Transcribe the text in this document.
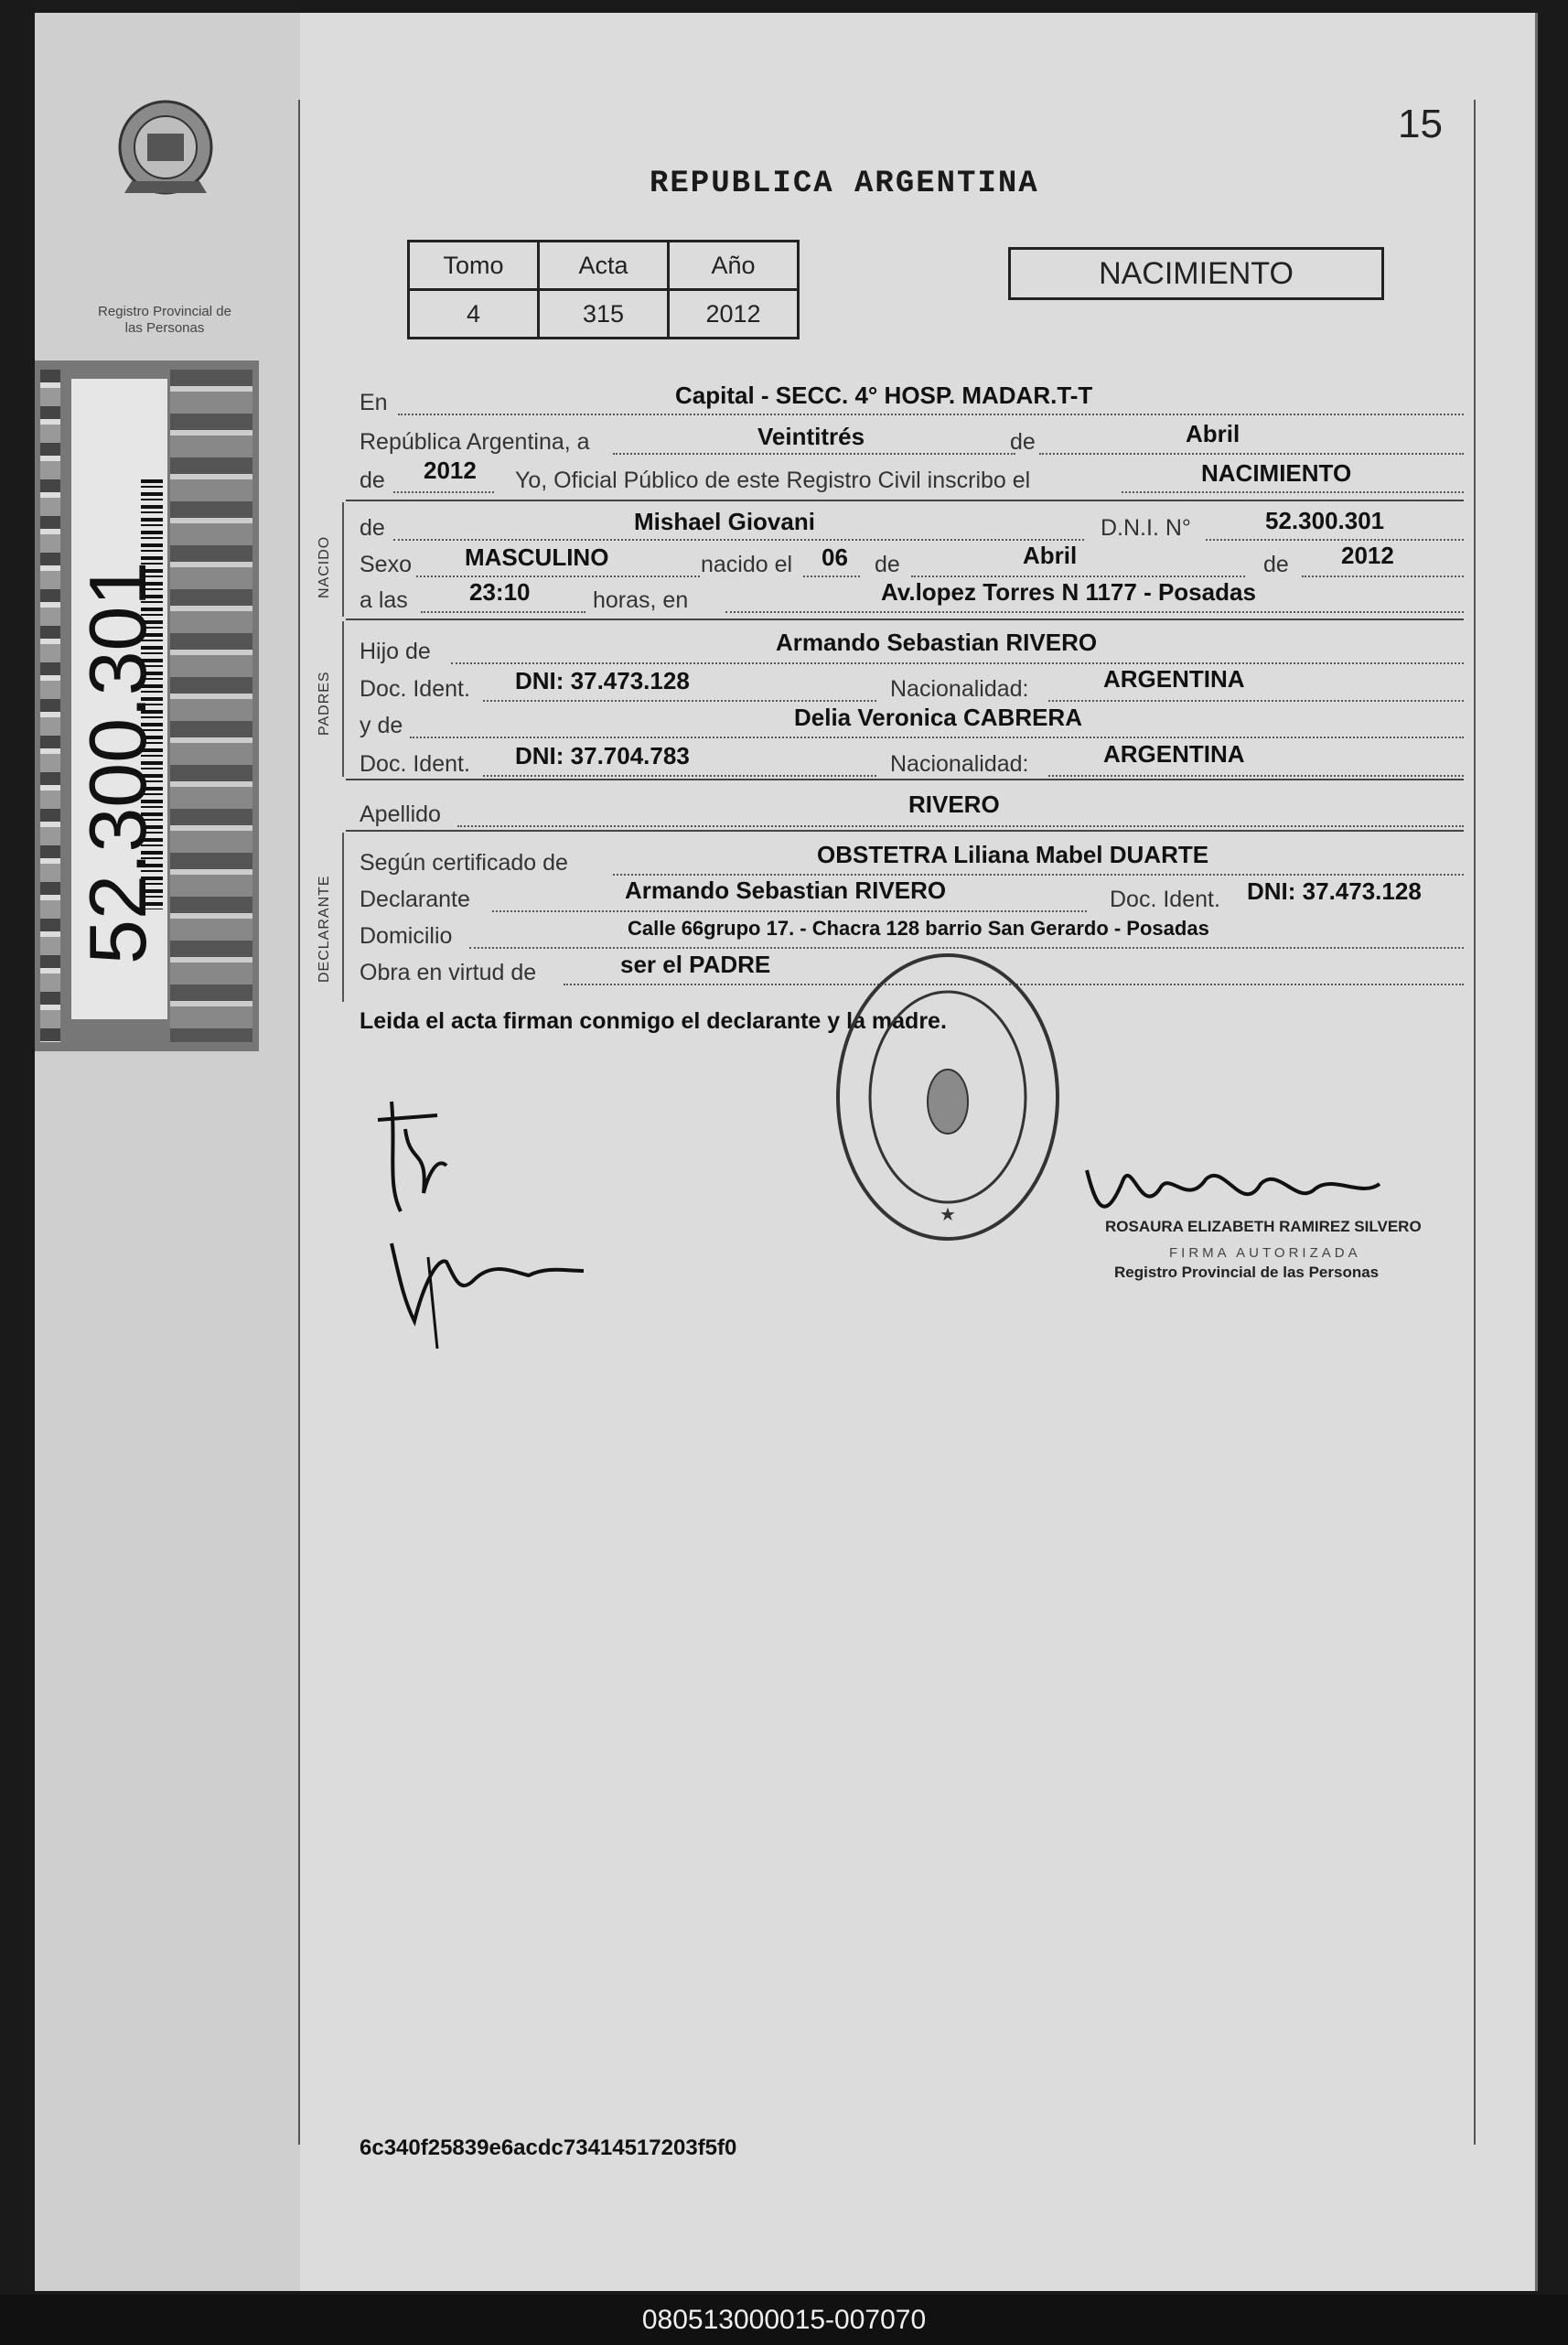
Registro Provincial de las Personas
52.300.301
15
REPUBLICA ARGENTINA
Tomo	Acta	Año
4	315	2012
NACIMIENTO
NACIDO
PADRES
DECLARANTE
En	Capital - SECC. 4° HOSP. MADAR.T-T
República Argentina, a	Veintitrés	de	Abril
de 2012 Yo, Oficial Público de este Registro Civil inscribo el	NACIMIENTO
de	Mishael Giovani	D.N.I. N°	52.300.301
Sexo MASCULINO	nacido el 06 de	Abril	de 2012
a las	23:10	horas, en	Av.lopez Torres N 1177 - Posadas
Hijo de	Armando Sebastian RIVERO
Doc. Ident. DNI: 37.473.128	Nacionalidad:	ARGENTINA
y de	Delia Veronica CABRERA
Doc. Ident. DNI: 37.704.783	Nacionalidad:	ARGENTINA
Apellido	RIVERO
Según certificado de	OBSTETRA Liliana Mabel DUARTE
Declarante	Armando Sebastian RIVERO	Doc. Ident. DNI: 37.473.128
Domicilio	Calle 66grupo 17. - Chacra 128 barrio San Gerardo - Posadas
Obra en virtud de	ser el PADRE
Leida el acta firman conmigo el declarante y la madre.
★
ROSAURA ELIZABETH RAMIREZ SILVERO
FIRMA AUTORIZADA
Registro Provincial de las Personas
6c340f25839e6acdc73414517203f5f0
080513000015-007070
